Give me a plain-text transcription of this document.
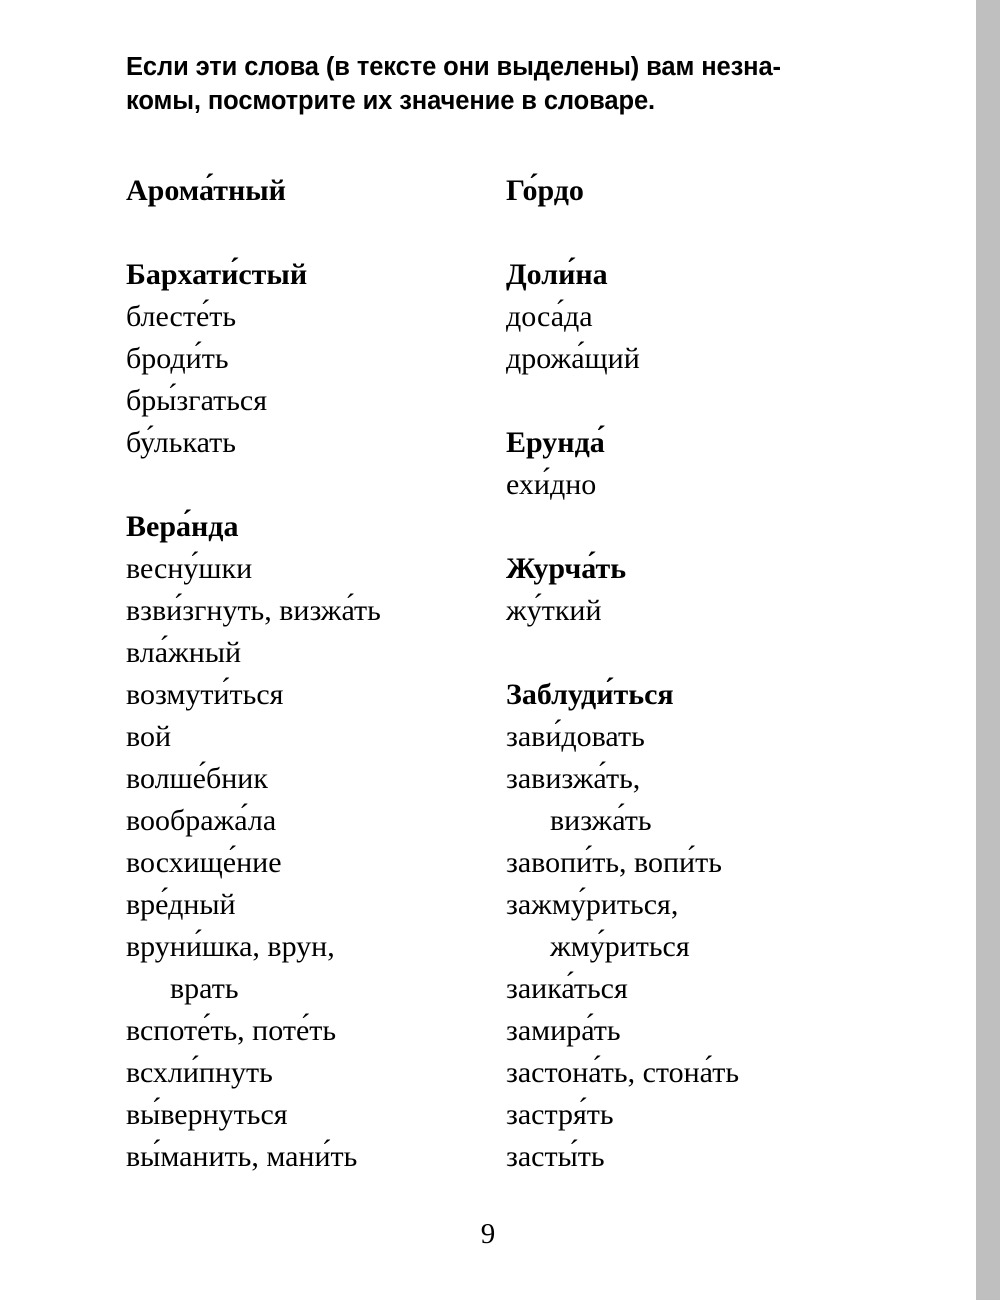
Если эти слова (в тексте они выделены) вам незна-
комы, посмотрите их значение в словаре.
Арома́тный
Бархати́стый
блесте́ть
броди́ть
бры́згаться
бу́лькать
Вера́нда
весну́шки
взви́згнуть, визжа́ть
вла́жный
возмути́ться
вой
волше́бник
вообража́ла
восхище́ние
вре́дный
вруни́шка, врун,
врать
вспоте́ть, поте́ть
всхли́пнуть
вы́вернуться
вы́манить, мани́ть
Го́рдо
Доли́на
доса́да
дрожа́щий
Ерунда́
ехи́дно
Журча́ть
жу́ткий
Заблуди́ться
зави́довать
завизжа́ть,
визжа́ть
завопи́ть, вопи́ть
зажму́риться,
жму́риться
заика́ться
замира́ть
застона́ть, стона́ть
застря́ть
засты́ть
9
